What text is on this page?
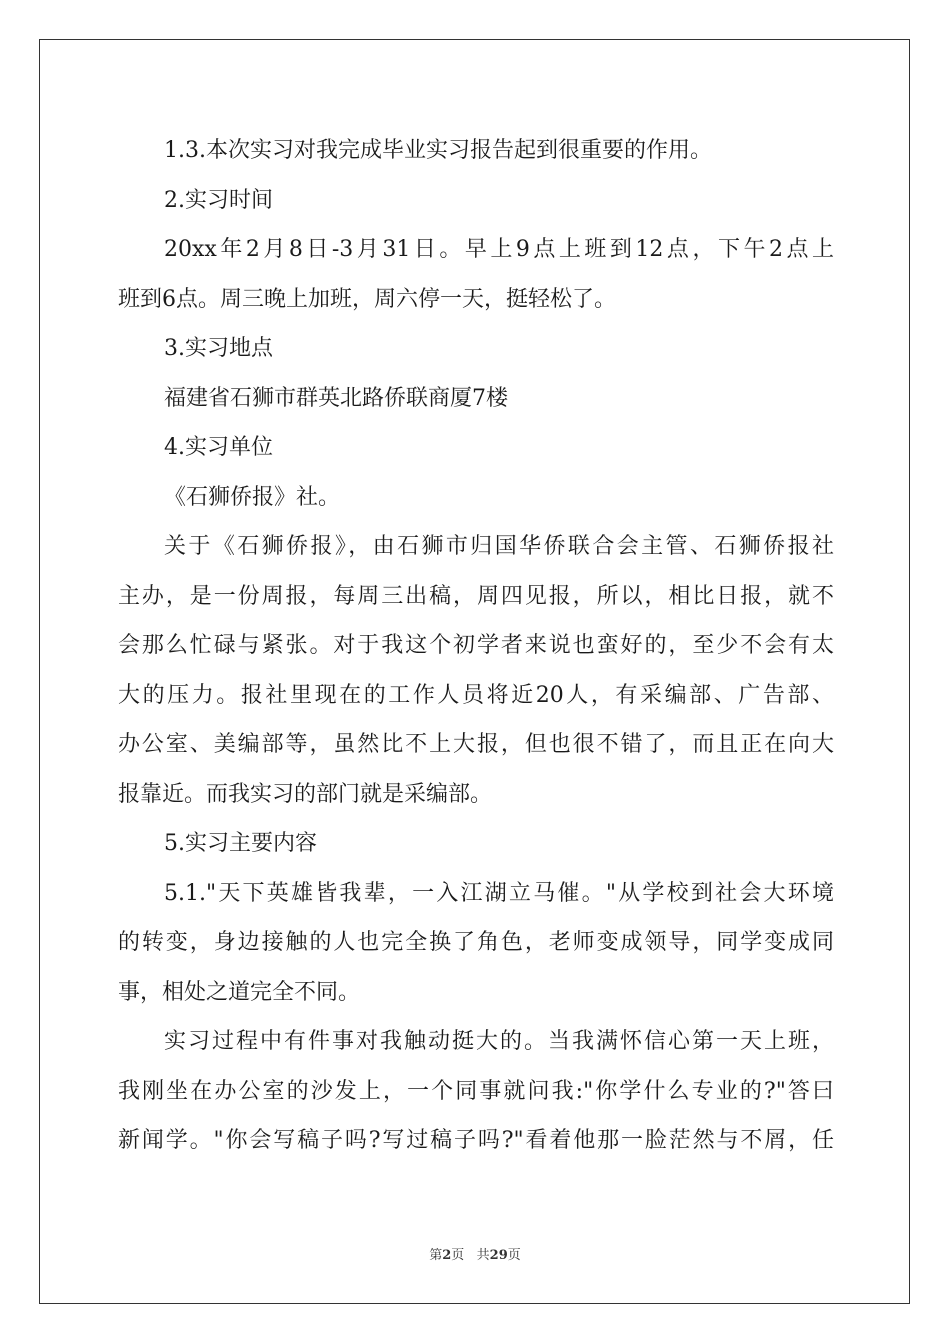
1.3.本次实习对我完成毕业实习报告起到很重要的作用。
2.实习时间
20xx年2月8日-3月31日。早上9点上班到12点，下午2点上
班到6点。周三晚上加班，周六停一天，挺轻松了。
3.实习地点
福建省石狮市群英北路侨联商厦7楼
4.实习单位
《石狮侨报》社。
关于《石狮侨报》，由石狮市归国华侨联合会主管、石狮侨报社
主办，是一份周报，每周三出稿，周四见报，所以，相比日报，就不
会那么忙碌与紧张。对于我这个初学者来说也蛮好的，至少不会有太
大的压力。报社里现在的工作人员将近20人，有采编部、广告部、
办公室、美编部等，虽然比不上大报，但也很不错了，而且正在向大
报靠近。而我实习的部门就是采编部。
5.实习主要内容
5.1."天下英雄皆我辈，一入江湖立马催。"从学校到社会大环境
的转变，身边接触的人也完全换了角色，老师变成领导，同学变成同
事，相处之道完全不同。
实习过程中有件事对我触动挺大的。当我满怀信心第一天上班，
我刚坐在办公室的沙发上，一个同事就问我:"你学什么专业的?"答曰
新闻学。"你会写稿子吗?写过稿子吗?"看着他那一脸茫然与不屑，任
第2页   共29页
